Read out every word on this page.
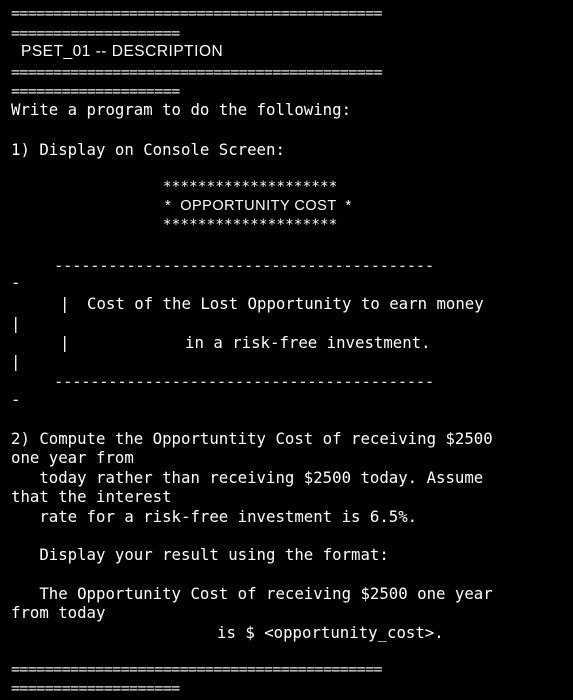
============================================
====================
PSET_01 -- DESCRIPTION
============================================
====================
Write a program to do the following:
1) Display on Console Screen:
********************
*  OPPORTUNITY COST  *
********************
------------------------------------------
-
| Cost of the Lost Opportunity to earn money
|
|	in a risk-free investment.
|
------------------------------------------
-
2) Compute the Opportuntity Cost of receiving $2500
one year from
today rather than receiving $2500 today. Assume
that the interest
rate for a risk-free investment is 6.5%.
Display your result using the format:
The Opportunity Cost of receiving $2500 one year
from today
is $ <opportunity_cost>.
============================================
====================
